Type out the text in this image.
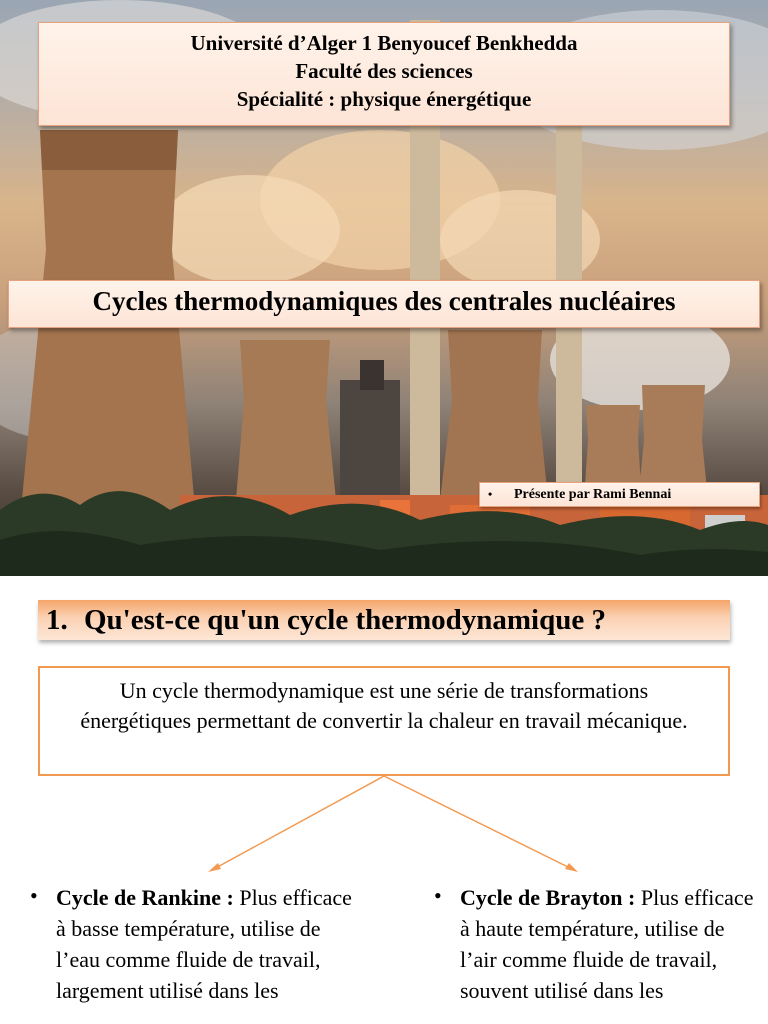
Université d’Alger 1 Benyoucef Benkhedda
Faculté des sciences
Spécialité : physique énergétique
Cycles thermodynamiques des centrales nucléaires
• Présente par Rami Bennai
1. Qu'est-ce qu'un cycle thermodynamique ?
Un cycle thermodynamique est une série de transformations énergétiques permettant de convertir la chaleur en travail mécanique.
• Cycle de Rankine : Plus efficace à basse température, utilise de l’eau comme fluide de travail, largement utilisé dans les
• Cycle de Brayton : Plus efficace à haute température, utilise de l’air comme fluide de travail, souvent utilisé dans les
